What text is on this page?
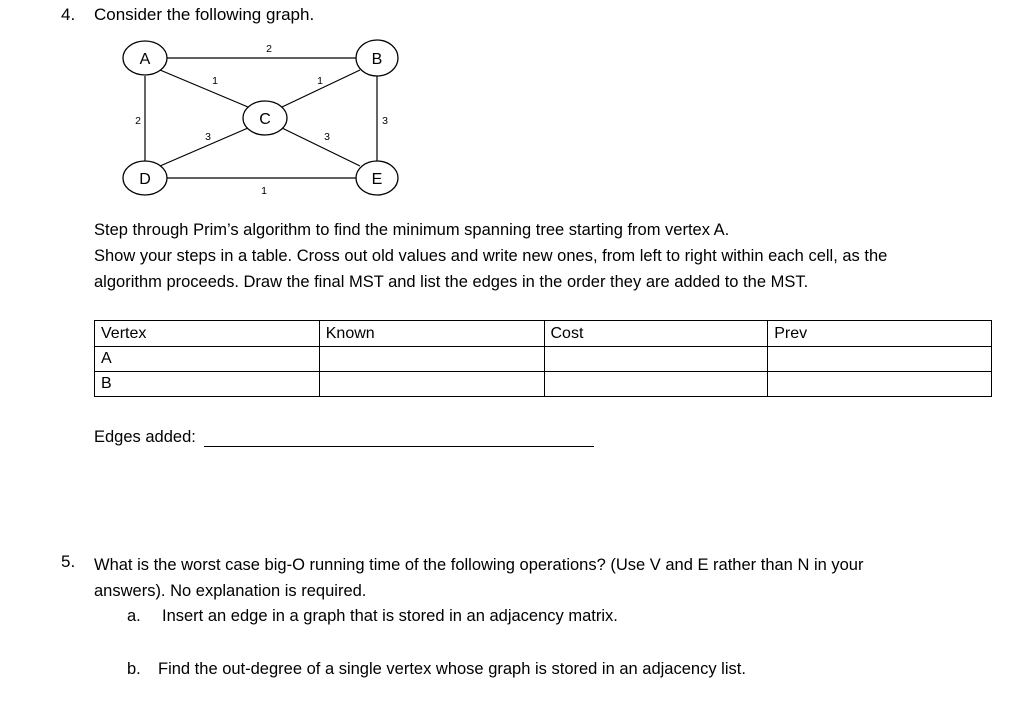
4. Consider the following graph.
A	B
C
D	E
2
1	1
2	3
3	3
1
Step through Prim’s algorithm to find the minimum spanning tree starting from vertex A.
Show your steps in a table. Cross out old values and write new ones, from left to right within each cell, as the
algorithm proceeds. Draw the final MST and list the edges in the order they are added to the MST.
Vertex	Known	Cost	Prev
A			
B			
Edges added:
5. What is the worst case big-O running time of the following operations? (Use V and E rather than N in your
answers). No explanation is required.
a. Insert an edge in a graph that is stored in an adjacency matrix.
b. Find the out-degree of a single vertex whose graph is stored in an adjacency list.
